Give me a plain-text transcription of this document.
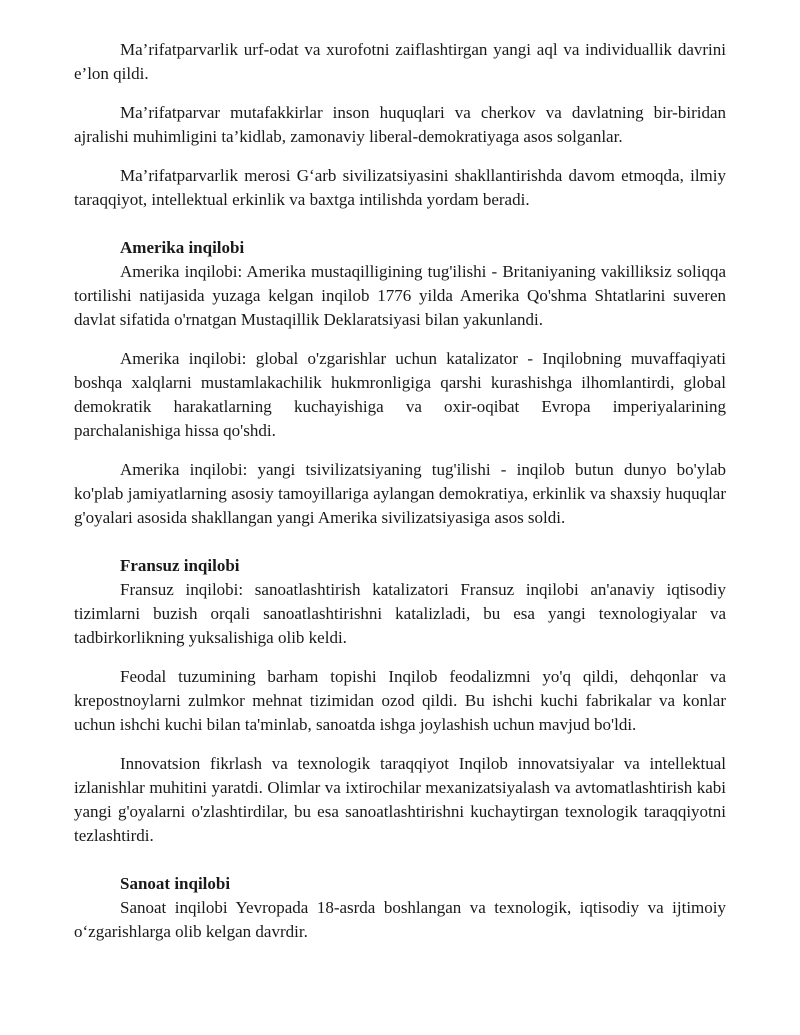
Ma’rifatparvarlik urf-odat va xurofotni zaiflashtirgan yangi aql va individuallik davrini e’lon qildi.

Ma’rifatparvar mutafakkirlar inson huquqlari va cherkov va davlatning bir-biridan ajralishi muhimligini ta’kidlab, zamonaviy liberal-demokratiyaga asos solganlar.

Ma’rifatparvarlik merosi G‘arb sivilizatsiyasini shakllantirishda davom etmoqda, ilmiy taraqqiyot, intellektual erkinlik va baxtga intilishda yordam beradi.

Amerika inqilobi

Amerika inqilobi: Amerika mustaqilligining tug'ilishi - Britaniyaning vakilliksiz soliqqa tortilishi natijasida yuzaga kelgan inqilob 1776 yilda Amerika Qo'shma Shtatlarini suveren davlat sifatida o'rnatgan Mustaqillik Deklaratsiyasi bilan yakunlandi.

Amerika inqilobi: global o'zgarishlar uchun katalizator - Inqilobning muvaffaqiyati boshqa xalqlarni mustamlakachilik hukmronligiga qarshi kurashishga ilhomlantirdi, global demokratik harakatlarning kuchayishiga va oxir-oqibat Evropa imperiyalarining parchalanishiga hissa qo'shdi.

Amerika inqilobi: yangi tsivilizatsiyaning tug'ilishi - inqilob butun dunyo bo'ylab ko'plab jamiyatlarning asosiy tamoyillariga aylangan demokratiya, erkinlik va shaxsiy huquqlar g'oyalari asosida shakllangan yangi Amerika sivilizatsiyasiga asos soldi.

Fransuz inqilobi

Fransuz inqilobi: sanoatlashtirish katalizatori Fransuz inqilobi an'anaviy iqtisodiy tizimlarni buzish orqali sanoatlashtirishni katalizladi, bu esa yangi texnologiyalar va tadbirkorlikning yuksalishiga olib keldi.

Feodal tuzumining barham topishi Inqilob feodalizmni yo'q qildi, dehqonlar va krepostnoylarni zulmkor mehnat tizimidan ozod qildi. Bu ishchi kuchi fabrikalar va konlar uchun ishchi kuchi bilan ta'minlab, sanoatda ishga joylashish uchun mavjud bo'ldi.

Innovatsion fikrlash va texnologik taraqqiyot Inqilob innovatsiyalar va intellektual izlanishlar muhitini yaratdi. Olimlar va ixtirochilar mexanizatsiyalash va avtomatlashtirish kabi yangi g'oyalarni o'zlashtirdilar, bu esa sanoatlashtirishni kuchaytirgan texnologik taraqqiyotni tezlashtirdi.

Sanoat inqilobi

Sanoat inqilobi Yevropada 18-asrda boshlangan va texnologik, iqtisodiy va ijtimoiy o‘zgarishlarga olib kelgan davrdir.
